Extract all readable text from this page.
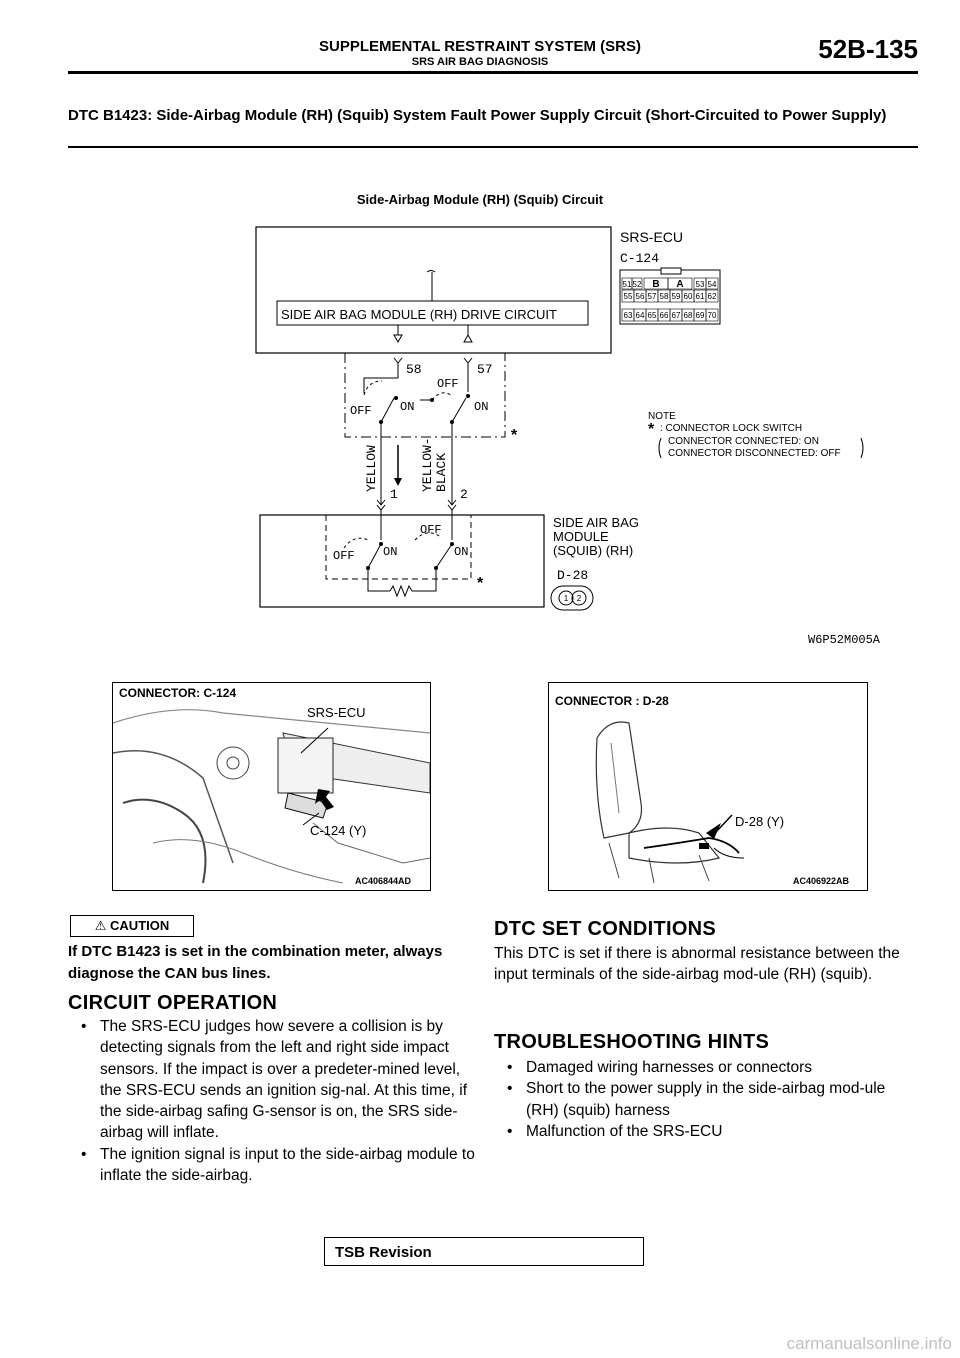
SUPPLEMENTAL RESTRAINT SYSTEM (SRS)
SRS AIR BAG DIAGNOSIS	52B-135
DTC B1423: Side-Airbag Module (RH) (Squib) System Fault Power Supply Circuit (Short-Circuited to Power Supply)
Side-Airbag Module (RH) (Squib) Circuit
SIDE AIR BAG MODULE (RH) DRIVE CIRCUIT
SRS-ECU
C-124
51 52 B A 53 54
55 56 57 58 59 60 61 62
63 64 65 66 67 68 69 70
*
58	57
OFF ON
OFF
ON
YELLOW	YELLOW- BLACK
1	2
NOTE
* : CONNECTOR LOCK SWITCH
CONNECTOR CONNECTED: ON
CONNECTOR DISCONNECTED: OFF
*
OFF ON
OFF
ON
SIDE AIR BAG
MODULE
(SQUIB) (RH)
D-28
1 2
W6P52M005A
CONNECTOR: C-124
SRS-ECU
C-124 (Y)
AC406844AD
CONNECTOR : D-28
D-28 (Y)
AC406922AB
⚠ CAUTION
If DTC B1423 is set in the combination meter, always diagnose the CAN bus lines.
CIRCUIT OPERATION
• The SRS-ECU judges how severe a collision is by detecting signals from the left and right side impact sensors. If the impact is over a predeter-mined level, the SRS-ECU sends an ignition sig-nal. At this time, if the side-airbag safing G-sensor is on, the SRS side-airbag will inflate.
• The ignition signal is input to the side-airbag module to inflate the side-airbag.
DTC SET CONDITIONS
This DTC is set if there is abnormal resistance between the input terminals of the side-airbag mod-ule (RH) (squib).
TROUBLESHOOTING HINTS
• Damaged wiring harnesses or connectors
• Short to the power supply in the side-airbag mod-ule (RH) (squib) harness
• Malfunction of the SRS-ECU
TSB Revision
carmanualsonline.info
